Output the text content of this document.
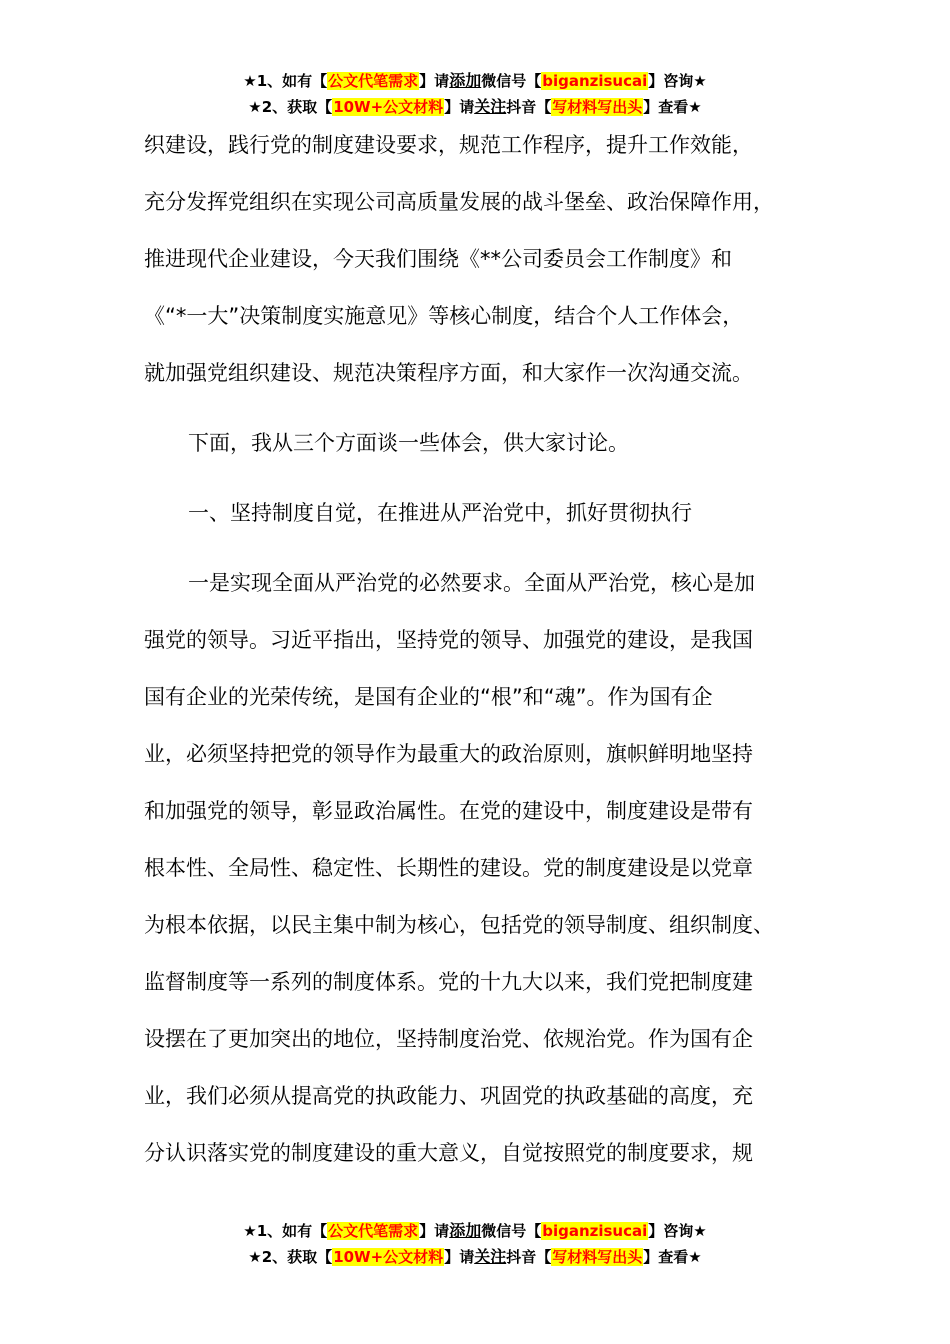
★1、如有【公文代笔需求】请添加微信号【biganzisucai】咨询★
★2、获取【10W+公文材料】请关注抖音【写材料写出头】查看★

织建设，践行党的制度建设要求，规范工作程序，提升工作效能，

充分发挥党组织在实现公司高质量发展的战斗堡垒、政治保障作用，

推进现代企业建设，今天我们围绕《**公司委员会工作制度》和

《“*一大”决策制度实施意见》等核心制度，结合个人工作体会，

就加强党组织建设、规范决策程序方面，和大家作一次沟通交流。

下面，我从三个方面谈一些体会，供大家讨论。

一、坚持制度自觉，在推进从严治党中，抓好贯彻执行

一是实现全面从严治党的必然要求。全面从严治党，核心是加

强党的领导。习近平指出，坚持党的领导、加强党的建设，是我国

国有企业的光荣传统，是国有企业的“根”和“魂”。作为国有企

业，必须坚持把党的领导作为最重大的政治原则，旗帜鲜明地坚持

和加强党的领导，彰显政治属性。在党的建设中，制度建设是带有

根本性、全局性、稳定性、长期性的建设。党的制度建设是以党章

为根本依据，以民主集中制为核心，包括党的领导制度、组织制度、

监督制度等一系列的制度体系。党的十九大以来，我们党把制度建

设摆在了更加突出的地位，坚持制度治党、依规治党。作为国有企

业，我们必须从提高党的执政能力、巩固党的执政基础的高度，充

分认识落实党的制度建设的重大意义，自觉按照党的制度要求，规

★1、如有【公文代笔需求】请添加微信号【biganzisucai】咨询★
★2、获取【10W+公文材料】请关注抖音【写材料写出头】查看★
